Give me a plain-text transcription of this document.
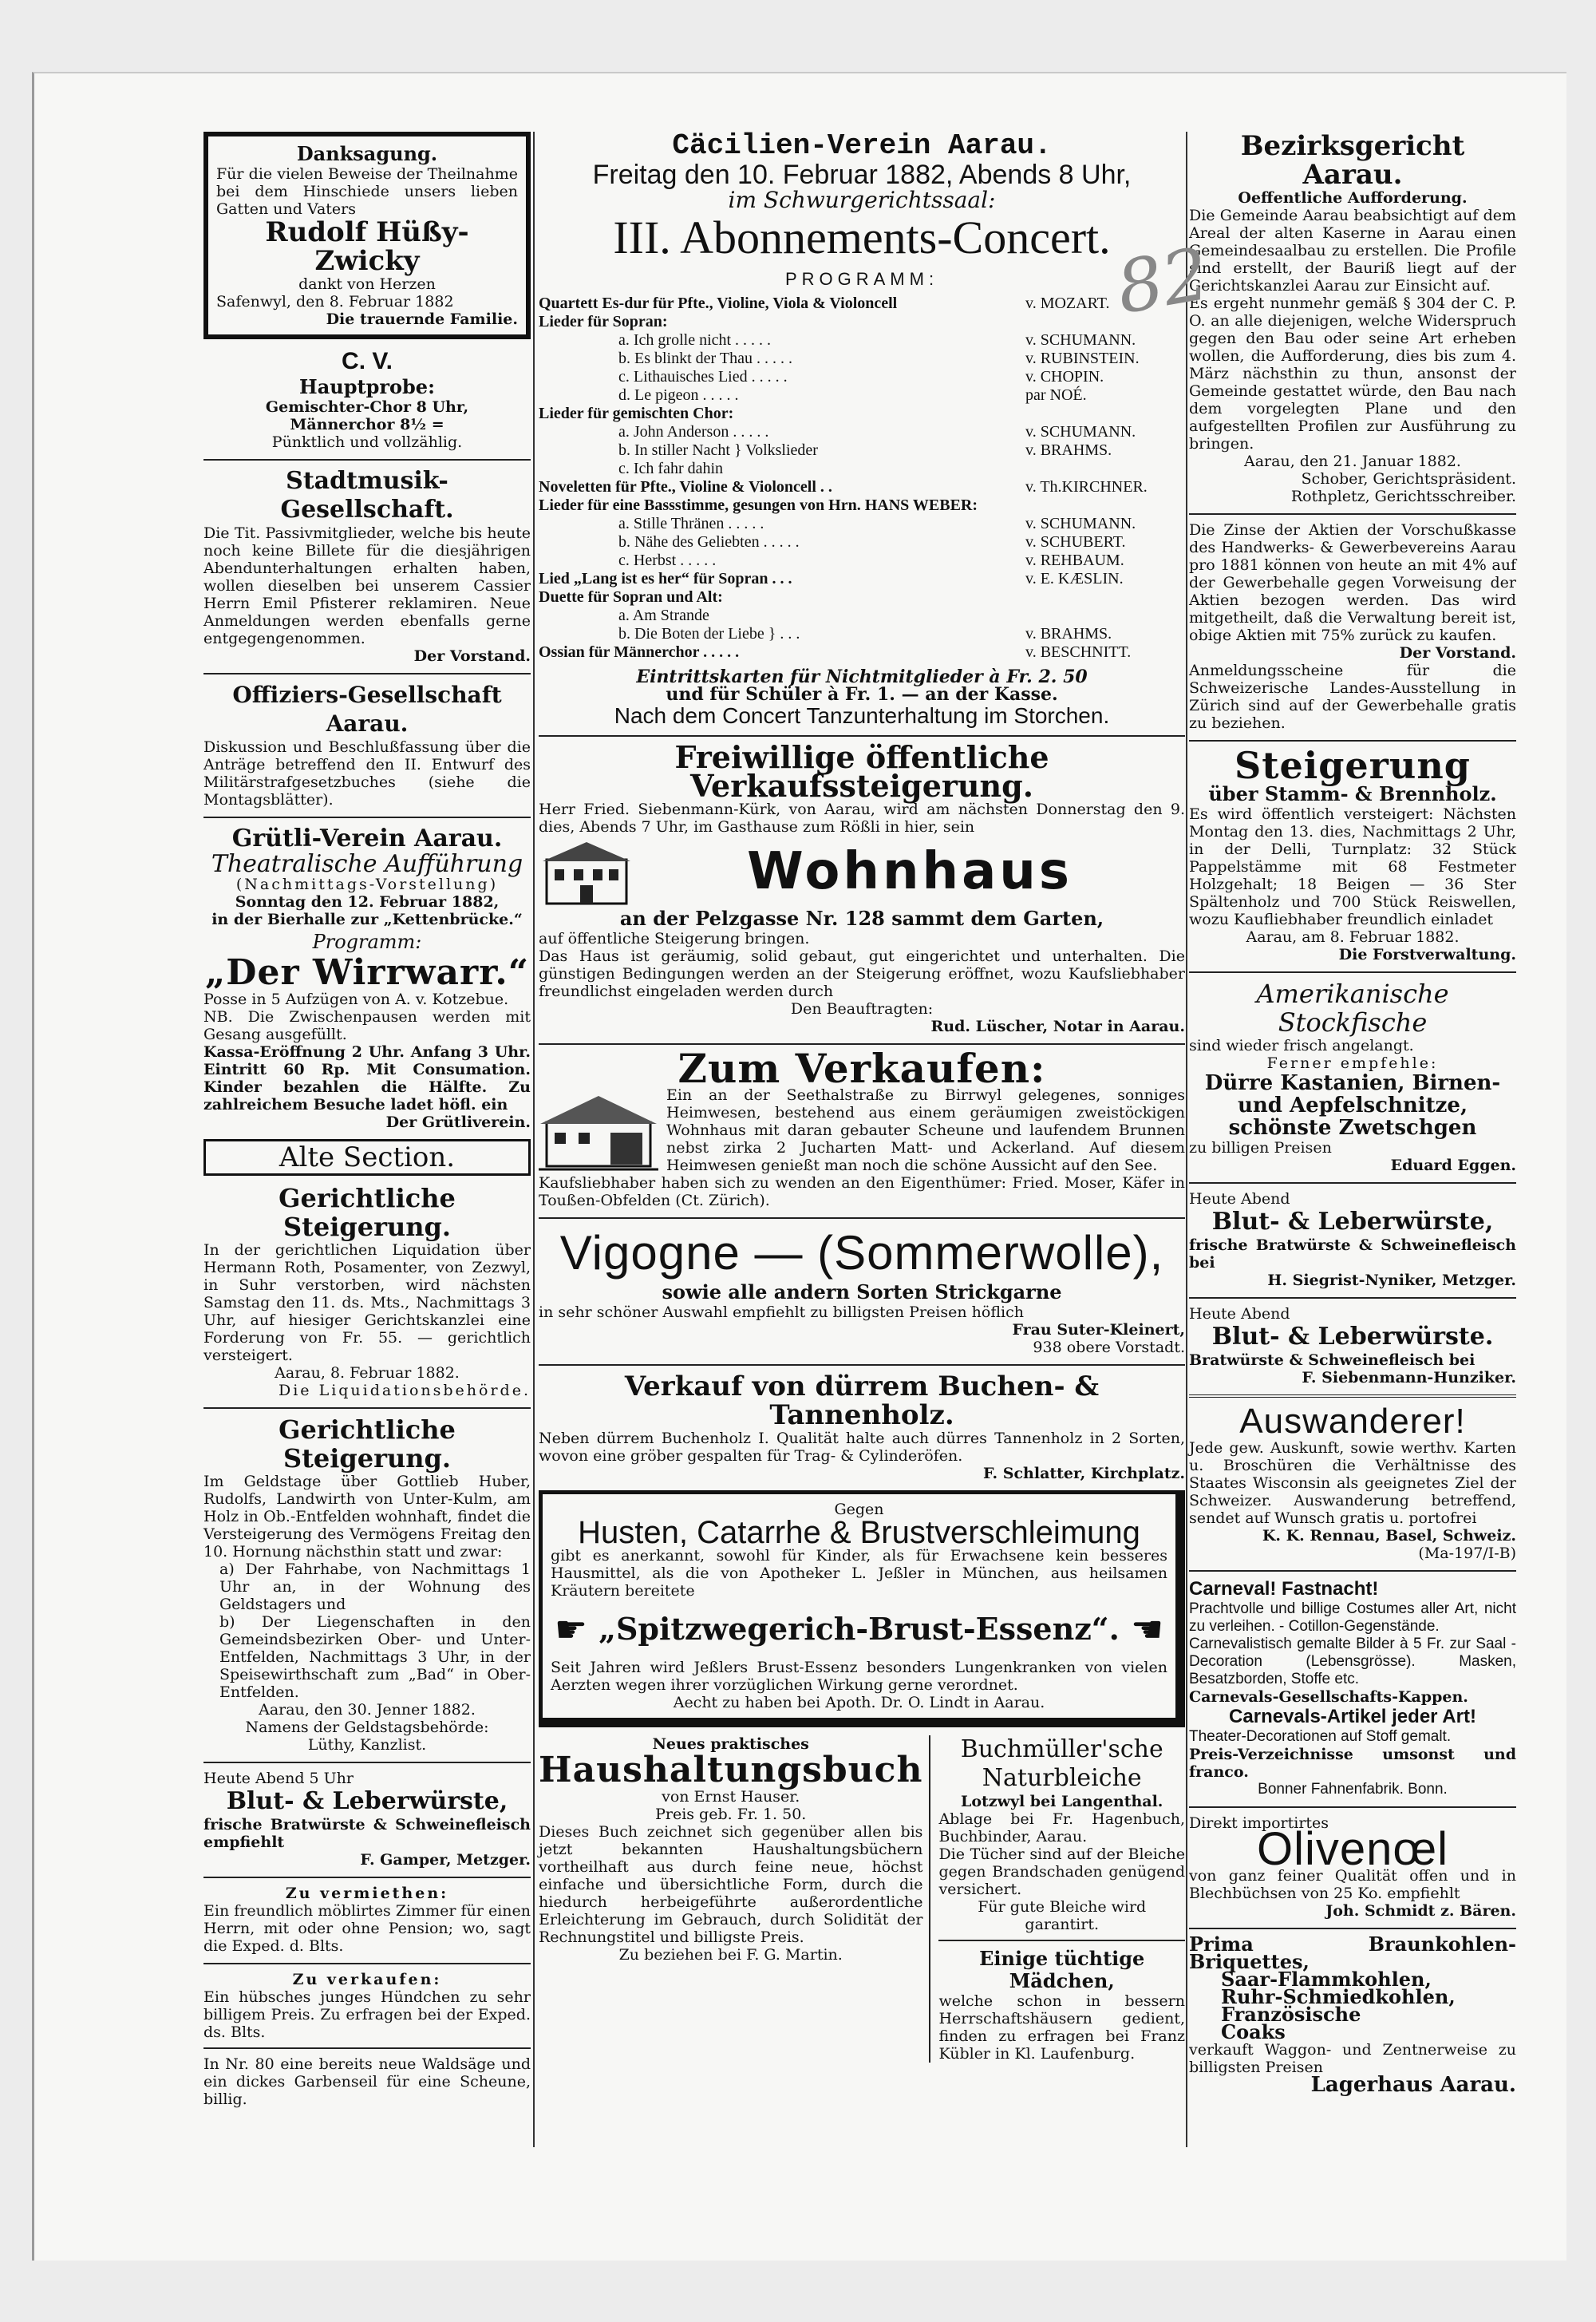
Danksagung.
Für die vielen Beweise der Theilnahme bei dem Hinschiede unsers lieben Gatten und Vaters
Rudolf Hüßy-Zwicky
dankt von Herzen
Safenwyl, den 8. Februar 1882
Die trauernde Familie.
C. V.
Hauptprobe:
Gemischter-Chor 8 Uhr,
Männerchor 8½ =
Pünktlich und vollzählig.
Stadtmusik-Gesellschaft.
Die Tit. Passivmitglieder, welche bis heute noch keine Billete für die diesjährigen Abendunterhaltungen erhalten haben, wollen dieselben bei unserem Cassier Herrn Emil Pfisterer reklamiren. Neue Anmeldungen werden ebenfalls gerne entgegengenommen.
Der Vorstand.
Offiziers-Gesellschaft Aarau.
Diskussion und Beschlußfassung über die Anträge betreffend den II. Entwurf des Militärstrafgesetzbuches (siehe die Montagsblätter).
Grütli-Verein Aarau.
Theatralische Aufführung
(Nachmittags-Vorstellung)
Sonntag den 12. Februar 1882,
in der Bierhalle zur „Kettenbrücke.“
Programm:
„Der Wirrwarr.“
Posse in 5 Aufzügen von A. v. Kotzebue.
NB. Die Zwischenpausen werden mit Gesang ausgefüllt.
Kassa-Eröffnung 2 Uhr. Anfang 3 Uhr. Eintritt 60 Rp. Mit Consumation. Kinder bezahlen die Hälfte. Zu zahlreichem Besuche ladet höfl. ein
Der Grütliverein.
Alte Section.
Gerichtliche Steigerung.
In der gerichtlichen Liquidation über Hermann Roth, Posamenter, von Zezwyl, in Suhr verstorben, wird nächsten Samstag den 11. ds. Mts., Nachmittags 3 Uhr, auf hiesiger Gerichtskanzlei eine Forderung von Fr. 55. — gerichtlich versteigert.
Aarau, 8. Februar 1882.
Die Liquidationsbehörde.
Gerichtliche Steigerung.
Im Geldstage über Gottlieb Huber, Rudolfs, Landwirth von Unter-Kulm, am Holz in Ob.-Entfelden wohnhaft, findet die Versteigerung des Vermögens Freitag den 10. Hornung nächsthin statt und zwar:
a) Der Fahrhabe, von Nachmittags 1 Uhr an, in der Wohnung des Geldstagers und
b) Der Liegenschaften in den Gemeindsbezirken Ober- und Unter-Entfelden, Nachmittags 3 Uhr, in der Speisewirthschaft zum „Bad“ in Ober-Entfelden.
Aarau, den 30. Jenner 1882.
Namens der Geldstagsbehörde:
Lüthy, Kanzlist.
Heute Abend 5 Uhr
Blut- & Leberwürste,
frische Bratwürste & Schweinefleisch empfiehlt
F. Gamper, Metzger.
Zu vermiethen:
Ein freundlich möblirtes Zimmer für einen Herrn, mit oder ohne Pension; wo, sagt die Exped. d. Blts.
Zu verkaufen:
Ein hübsches junges Hündchen zu sehr billigem Preis. Zu erfragen bei der Exped. ds. Blts.
In Nr. 80 eine bereits neue Waldsäge und ein dickes Garbenseil für eine Scheune, billig.
Cäcilien-Verein Aarau.
Freitag den 10. Februar 1882, Abends 8 Uhr,
im Schwurgerichtssaal:
III. Abonnements-Concert.
PROGRAMM:
Quartett Es-dur für Pfte., Violine, Viola & Violoncell	v. MOZART.
Lieder für Sopran:
a. Ich grolle nicht . . . . .	v. SCHUMANN.
b. Es blinkt der Thau . . . . .	v. RUBINSTEIN.
c. Lithauisches Lied . . . . .	v. CHOPIN.
d. Le pigeon . . . . .	par NOÉ.
Lieder für gemischten Chor:
a. John Anderson . . . . .	v. SCHUMANN.
b. In stiller Nacht } Volkslieder	v. BRAHMS.
c. Ich fahr dahin
Noveletten für Pfte., Violine & Violoncell . .	v. Th.KIRCHNER.
Lieder für eine Bassstimme, gesungen von Hrn. HANS WEBER:
a. Stille Thränen . . . . .	v. SCHUMANN.
b. Nähe des Geliebten . . . . .	v. SCHUBERT.
c. Herbst . . . . .	v. REHBAUM.
Lied „Lang ist es her“ für Sopran . . .	v. E. KÆSLIN.
Duette für Sopran und Alt:
a. Am Strande
b. Die Boten der Liebe } . . .	v. BRAHMS.
Ossian für Männerchor . . . . .	v. BESCHNITT.
Eintrittskarten für Nichtmitglieder à Fr. 2. 50
und für Schüler à Fr. 1. — an der Kasse.
Nach dem Concert Tanzunterhaltung im Storchen.
Freiwillige öffentliche Verkaufssteigerung.
Herr Fried. Siebenmann-Kürk, von Aarau, wird am nächsten Donnerstag den 9. dies, Abends 7 Uhr, im Gasthause zum Rößli in hier, sein
Wohnhaus
an der Pelzgasse Nr. 128 sammt dem Garten,
auf öffentliche Steigerung bringen.
Das Haus ist geräumig, solid gebaut, gut eingerichtet und unterhalten. Die günstigen Bedingungen werden an der Steigerung eröffnet, wozu Kaufsliebhaber freundlichst eingeladen werden durch
Den Beauftragten:
Rud. Lüscher, Notar in Aarau.
Zum Verkaufen:
Ein an der Seethalstraße zu Birrwyl gelegenes, sonniges Heimwesen, bestehend aus einem geräumigen zweistöckigen Wohnhaus mit daran gebauter Scheune und laufendem Brunnen nebst zirka 2 Jucharten Matt- und Ackerland. Auf diesem Heimwesen genießt man noch die schöne Aussicht auf den See.
Kaufsliebhaber haben sich zu wenden an den Eigenthümer: Fried. Moser, Käfer in Toußen-Obfelden (Ct. Zürich).
Vigogne — (Sommerwolle),
sowie alle andern Sorten Strickgarne
in sehr schöner Auswahl empfiehlt zu billigsten Preisen höflich
Frau Suter-Kleinert,
938 obere Vorstadt.
Verkauf von dürrem Buchen- & Tannenholz.
Neben dürrem Buchenholz I. Qualität halte auch dürres Tannenholz in 2 Sorten, wovon eine gröber gespalten für Trag- & Cylinderöfen.
F. Schlatter, Kirchplatz.
Gegen
Husten, Catarrhe & Brustverschleimung
gibt es anerkannt, sowohl für Kinder, als für Erwachsene kein besseres Hausmittel, als die von Apotheker L. Jeßler in München, aus heilsamen Kräutern bereitete
☛ „Spitzwegerich-Brust-Essenz“. ☚
Seit Jahren wird Jeßlers Brust-Essenz besonders Lungenkranken von vielen Aerzten wegen ihrer vorzüglichen Wirkung gerne verordnet.
Aecht zu haben bei Apoth. Dr. O. Lindt in Aarau.
Neues praktisches
Haushaltungsbuch
von Ernst Hauser.
Preis geb. Fr. 1. 50.
Dieses Buch zeichnet sich gegenüber allen bis jetzt bekannten Haushaltungsbüchern vortheilhaft aus durch feine neue, höchst einfache und übersichtliche Form, durch die hiedurch herbeigeführte außerordentliche Erleichterung im Gebrauch, durch Solidität der Rechnungstitel und billigste Preis.
Zu beziehen bei F. G. Martin.
Buchmüller'sche Naturbleiche
Lotzwyl bei Langenthal.
Ablage bei Fr. Hagenbuch, Buchbinder, Aarau.
Die Tücher sind auf der Bleiche gegen Brandschaden genügend versichert.
Für gute Bleiche wird garantirt.
Einige tüchtige Mädchen,
welche schon in bessern Herrschaftshäusern gedient, finden zu erfragen bei Franz Kübler in Kl. Laufenburg.
Bezirksgericht Aarau.
Oeffentliche Aufforderung.
Die Gemeinde Aarau beabsichtigt auf dem Areal der alten Kaserne in Aarau einen Gemeindesaalbau zu erstellen. Die Profile sind erstellt, der Bauriß liegt auf der Gerichtskanzlei Aarau zur Einsicht auf.
Es ergeht nunmehr gemäß § 304 der C. P. O. an alle diejenigen, welche Widerspruch gegen den Bau oder seine Art erheben wollen, die Aufforderung, dies bis zum 4. März nächsthin zu thun, ansonst der Gemeinde gestattet würde, den Bau nach dem vorgelegten Plane und den aufgestellten Profilen zur Ausführung zu bringen.
Aarau, den 21. Januar 1882.
Schober, Gerichtspräsident.
Rothpletz, Gerichtsschreiber.
Die Zinse der Aktien der Vorschußkasse des Handwerks- & Gewerbevereins Aarau pro 1881 können von heute an mit 4% auf der Gewerbehalle gegen Vorweisung der Aktien bezogen werden. Das wird mitgetheilt, daß die Verwaltung bereit ist, obige Aktien mit 75% zurück zu kaufen.
Der Vorstand.
Anmeldungsscheine für die Schweizerische Landes-Ausstellung in Zürich sind auf der Gewerbehalle gratis zu beziehen.
Steigerung
über Stamm- & Brennholz.
Es wird öffentlich versteigert: Nächsten Montag den 13. dies, Nachmittags 2 Uhr, in der Delli, Turnplatz: 32 Stück Pappelstämme mit 68 Festmeter Holzgehalt; 18 Beigen — 36 Ster Spältenholz und 700 Stück Reiswellen, wozu Kaufliebhaber freundlich einladet
Aarau, am 8. Februar 1882.
Die Forstverwaltung.
Amerikanische Stockfische
sind wieder frisch angelangt.
Ferner empfehle:
Dürre Kastanien, Birnen- und Aepfelschnitze, schönste Zwetschgen
zu billigen Preisen
Eduard Eggen.
Heute Abend
Blut- & Leberwürste,
frische Bratwürste & Schweinefleisch bei
H. Siegrist-Nyniker, Metzger.
Heute Abend
Blut- & Leberwürste.
Bratwürste & Schweinefleisch bei
F. Siebenmann-Hunziker.
Auswanderer!
Jede gew. Auskunft, sowie werthv. Karten u. Broschüren die Verhältnisse des Staates Wisconsin als geeignetes Ziel der Schweizer. Auswanderung betreffend, sendet auf Wunsch gratis u. portofrei
K. K. Rennau, Basel, Schweiz.
(Ma-197/I-B)
Carneval! Fastnacht!
Prachtvolle und billige Costumes aller Art, nicht zu verleihen. - Cotillon-Gegenstände.
Carnevalistisch gemalte Bilder à 5 Fr. zur Saal - Decoration (Lebensgrösse). Masken, Besatzborden, Stoffe etc.
Carnevals-Gesellschafts-Kappen.
Carnevals-Artikel jeder Art!
Theater-Decorationen auf Stoff gemalt.
Preis-Verzeichnisse umsonst und franco.
Bonner Fahnenfabrik. Bonn.
Direkt importirtes
Olivenœl
von ganz feiner Qualität offen und in Blechbüchsen von 25 Ko. empfiehlt
Joh. Schmidt z. Bären.
Prima Braunkohlen-Briquettes,
Saar-Flammkohlen,
Ruhr-Schmiedkohlen,
Französische
Coaks
verkauft Waggon- und Zentnerweise zu billigsten Preisen
Lagerhaus Aarau.
82
